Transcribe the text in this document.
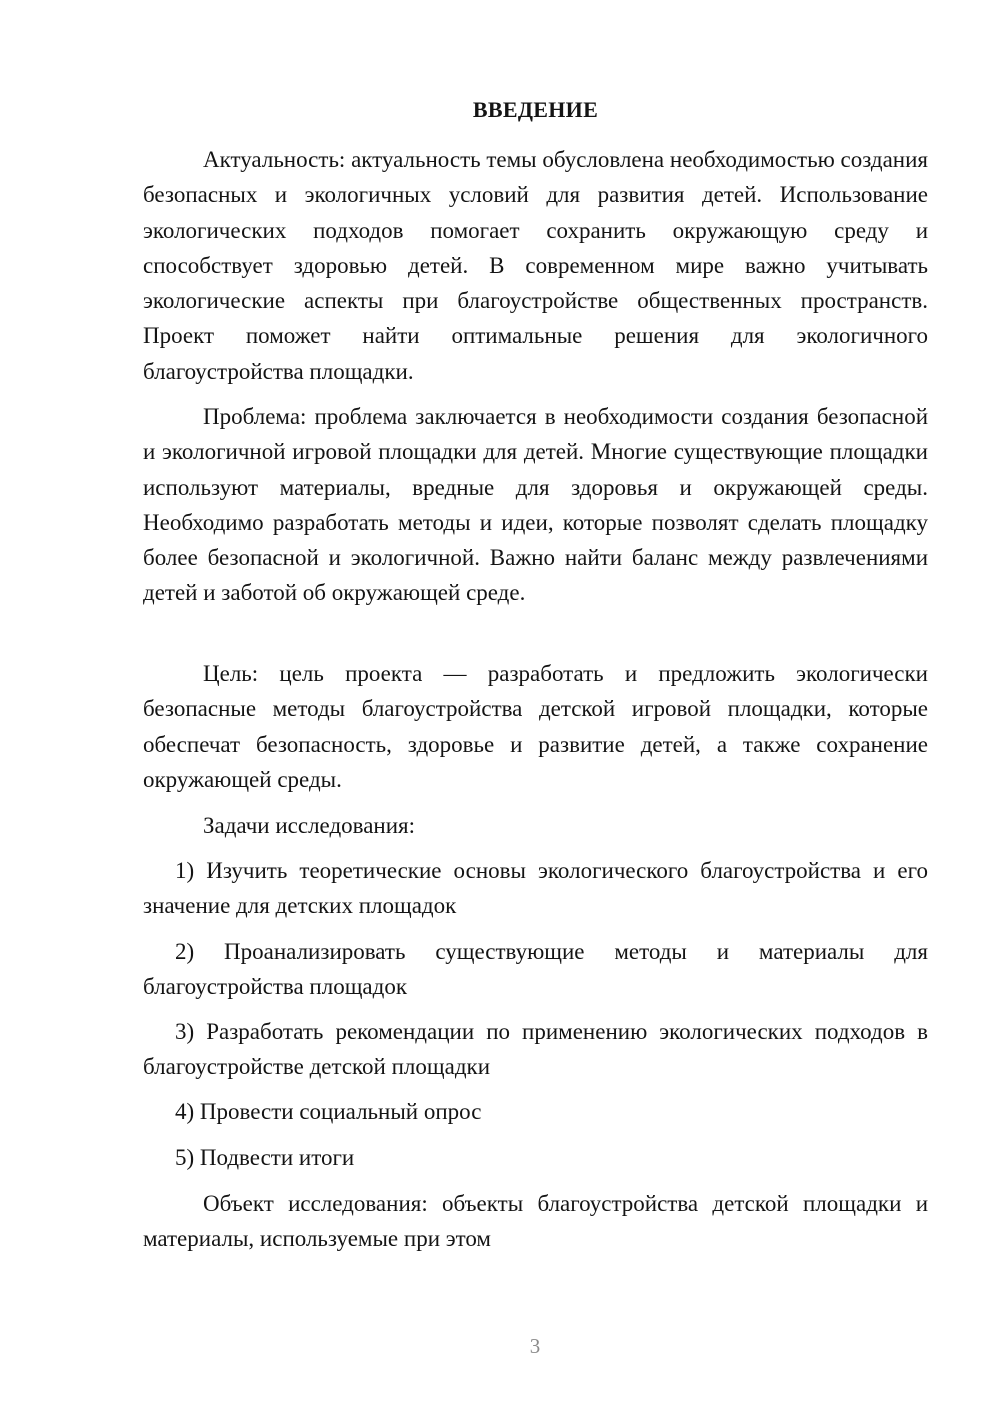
ВВЕДЕНИЕ

Актуальность: актуальность темы обусловлена необходимостью создания безопасных и экологичных условий для развития детей. Использование экологических подходов помогает сохранить окружающую среду и способствует здоровью детей. В современном мире важно учитывать экологические аспекты при благоустройстве общественных пространств. Проект поможет найти оптимальные решения для экологичного благоустройства площадки.

Проблема: проблема заключается в необходимости создания безопасной и экологичной игровой площадки для детей. Многие существующие площадки используют материалы, вредные для здоровья и окружающей среды. Необходимо разработать методы и идеи, которые позволят сделать площадку более безопасной и экологичной. Важно найти баланс между развлечениями детей и заботой об окружающей среде.

Цель: цель проекта — разработать и предложить экологически безопасные методы благоустройства детской игровой площадки, которые обеспечат безопасность, здоровье и развитие детей, а также сохранение окружающей среды.

Задачи исследования:

1) Изучить теоретические основы экологического благоустройства и его значение для детских площадок

2) Проанализировать существующие методы и материалы для благоустройства площадок

3) Разработать рекомендации по применению экологических подходов в благоустройстве детской площадки

4) Провести социальный опрос

5) Подвести итоги

Объект исследования: объекты благоустройства детской площадки и материалы, используемые при этом

3
